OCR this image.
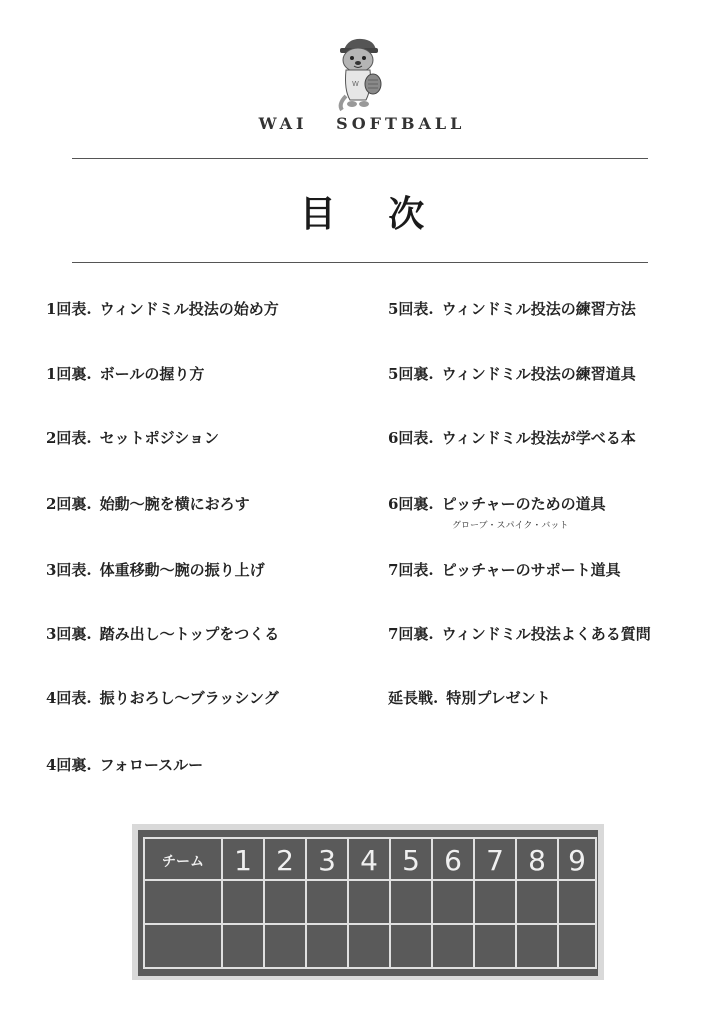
W
WAI   SOFTBALL
目 次
1回表. ウィンドミル投法の始め方
1回裏. ボールの握り方
2回表. セットポジション
2回裏. 始動〜腕を横におろす
3回表. 体重移動〜腕の振り上げ
3回裏. 踏み出し〜トップをつくる
4回表. 振りおろし〜ブラッシング
4回裏. フォロースルー
5回表. ウィンドミル投法の練習方法
5回裏. ウィンドミル投法の練習道具
6回表. ウィンドミル投法が学べる本
6回裏. ピッチャーのための道具
グローブ・スパイク・バット
7回表. ピッチャーのサポート道具
7回裏. ウィンドミル投法よくある質問
延長戦. 特別プレゼント
チーム 1 2 3 4 5 6 7 8 9
